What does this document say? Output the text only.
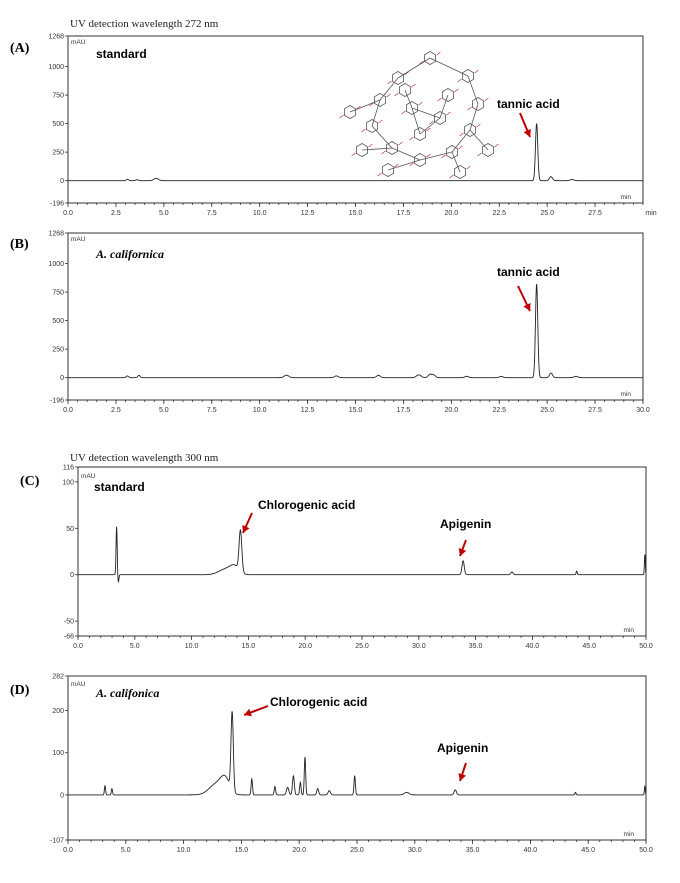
UV detection wavelength 272 nm
(A)
-196
0
250
500
750
1000
1268
mAU
0.0	2.5	5.0	7.5	10.0	12.5	15.0	17.5	20.0	22.5	25.0	27.5
min
min
standard
tannic acid
(B)
-196
0
250
500
750
1000
1268
mAU
0.0	2.5	5.0	7.5	10.0	12.5	15.0	17.5	20.0	22.5	25.0	27.5	30.0
min
A. californica
tannic acid
UV detection wavelength 300 nm
(C)
-66
-50
0
50
100
116
mAU
0.0	5.0	10.0	15.0	20.0	25.0	30.0	35.0	40.0	45.0	50.0
min
standard
Chlorogenic acid
Apigenin
(D)
-107
0
100
200
282
mAU
0.0	5.0	10.0	15.0	20.0	25.0	30.0	35.0	40.0	45.0	50.0
min
A. califonica
Chlorogenic acid
Apigenin
